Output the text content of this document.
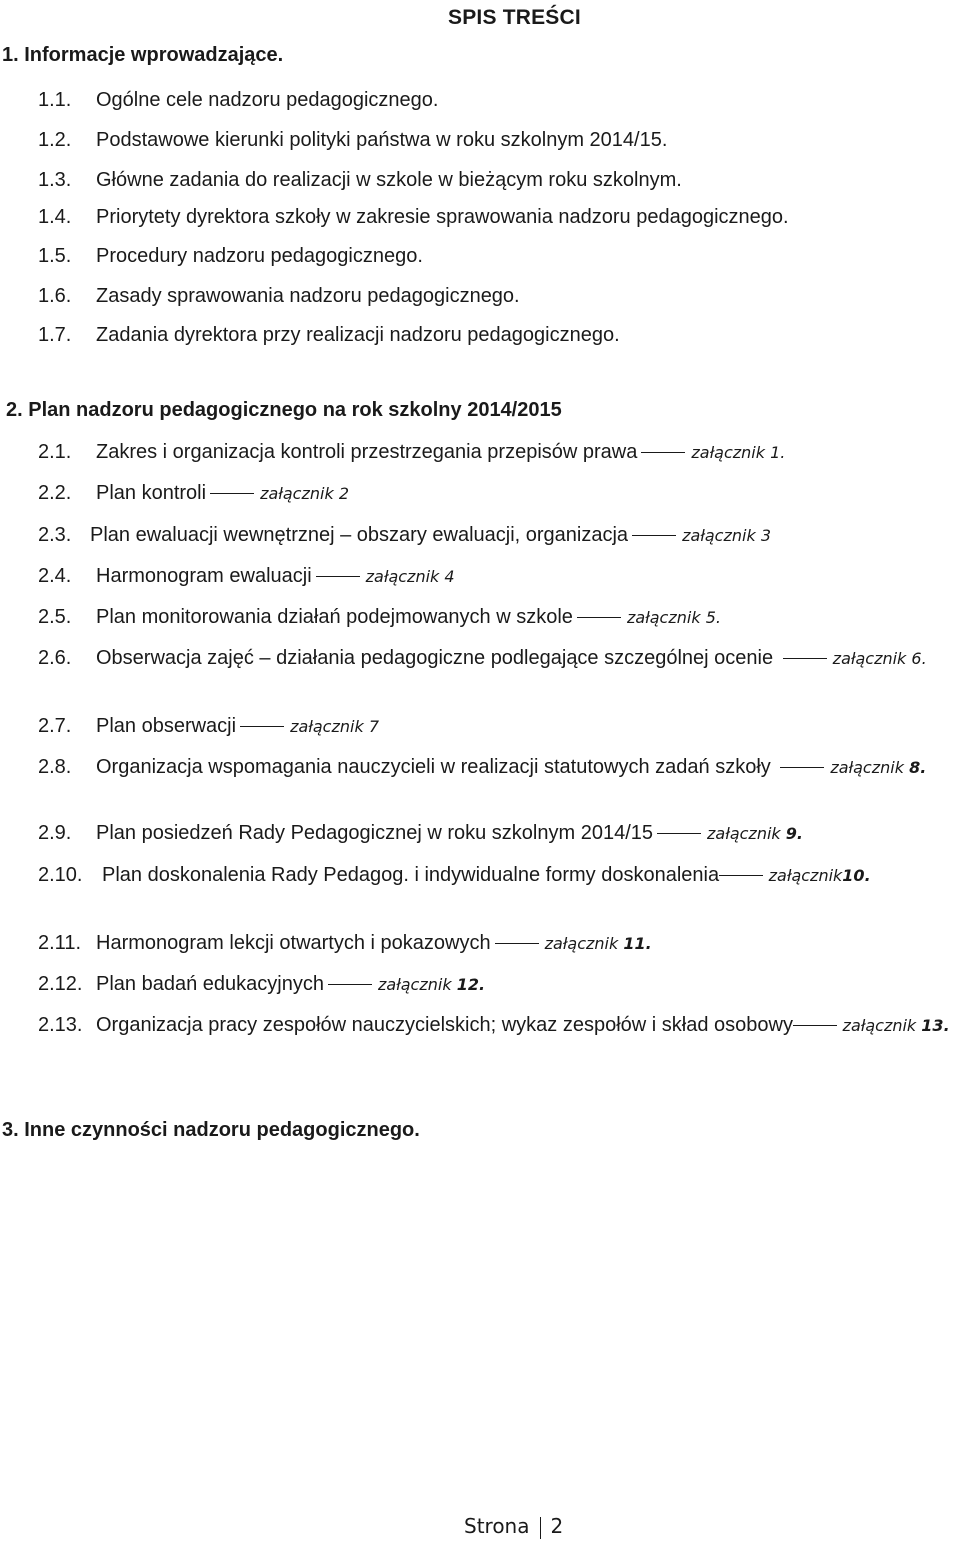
SPIS TREŚCI
1. Informacje wprowadzające.
1.1. Ogólne cele nadzoru pedagogicznego.
1.2. Podstawowe kierunki polityki państwa w roku szkolnym 2014/15.
1.3. Główne zadania do realizacji w szkole w bieżącym roku szkolnym.
1.4. Priorytety dyrektora szkoły w zakresie sprawowania nadzoru pedagogicznego.
1.5. Procedury nadzoru pedagogicznego.
1.6. Zasady sprawowania nadzoru pedagogicznego.
1.7. Zadania dyrektora przy realizacji nadzoru pedagogicznego.
2. Plan nadzoru pedagogicznego na rok szkolny 2014/2015
2.1. Zakres i organizacja kontroli przestrzegania przepisów prawa	załącznik 1.
2.2. Plan kontroli	załącznik 2
2.3. Plan ewaluacji wewnętrznej – obszary ewaluacji, organizacja	załącznik 3
2.4. Harmonogram ewaluacji	załącznik 4
2.5. Plan monitorowania działań podejmowanych w szkole	załącznik 5.
2.6. Obserwacja zajęć – działania pedagogiczne podlegające szczególnej ocenie	załącznik 6.
2.7. Plan obserwacji	załącznik 7
2.8. Organizacja wspomagania nauczycieli w realizacji statutowych zadań szkoły	załącznik 8.
2.9. Plan posiedzeń Rady Pedagogicznej w roku szkolnym 2014/15	załącznik 9.
2.10. Plan doskonalenia Rady Pedagog. i indywidualne formy doskonalenia	załącznik10.
2.11. Harmonogram lekcji otwartych i pokazowych	załącznik 11.
2.12. Plan badań edukacyjnych	załącznik 12.
2.13. Organizacja pracy zespołów nauczycielskich; wykaz zespołów i skład osobowy	załącznik 13.
3. Inne czynności nadzoru pedagogicznego.
Strona 2
